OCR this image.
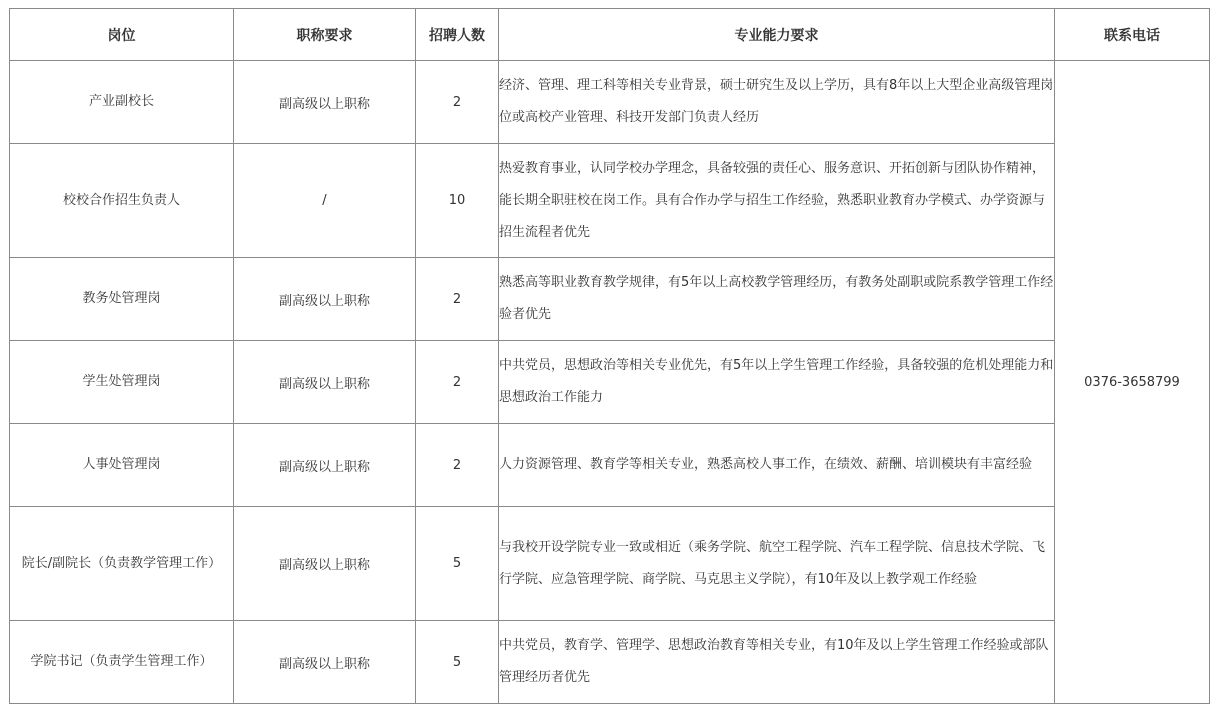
岗位	职称要求	招聘人数	专业能力要求	联系电话
产业副校长	副高级以上职称	2	经济、管理、理工科等相关专业背景，硕士研究生及以上学历，具有8年以上大型企业高级管理岗位或高校产业管理、科技开发部门负责人经历	0376-3658799
校校合作招生负责人	/	10	热爱教育事业，认同学校办学理念，具备较强的责任心、服务意识、开拓创新与团队协作精神，能长期全职驻校在岗工作。具有合作办学与招生工作经验，熟悉职业教育办学模式、办学资源与招生流程者优先	
教务处管理岗	副高级以上职称	2	熟悉高等职业教育教学规律，有5年以上高校教学管理经历，有教务处副职或院系教学管理工作经验者优先	
学生处管理岗	副高级以上职称	2	中共党员，思想政治等相关专业优先，有5年以上学生管理工作经验，具备较强的危机处理能力和思想政治工作能力	
人事处管理岗	副高级以上职称	2	人力资源管理、教育学等相关专业，熟悉高校人事工作，在绩效、薪酬、培训模块有丰富经验	
院长/副院长（负责教学管理工作）	副高级以上职称	5	与我校开设学院专业一致或相近（乘务学院、航空工程学院、汽车工程学院、信息技术学院、飞行学院、应急管理学院、商学院、马克思主义学院），有10年及以上教学观工作经验	
学院书记（负责学生管理工作）	副高级以上职称	5	中共党员，教育学、管理学、思想政治教育等相关专业，有10年及以上学生管理工作经验或部队管理经历者优先	
